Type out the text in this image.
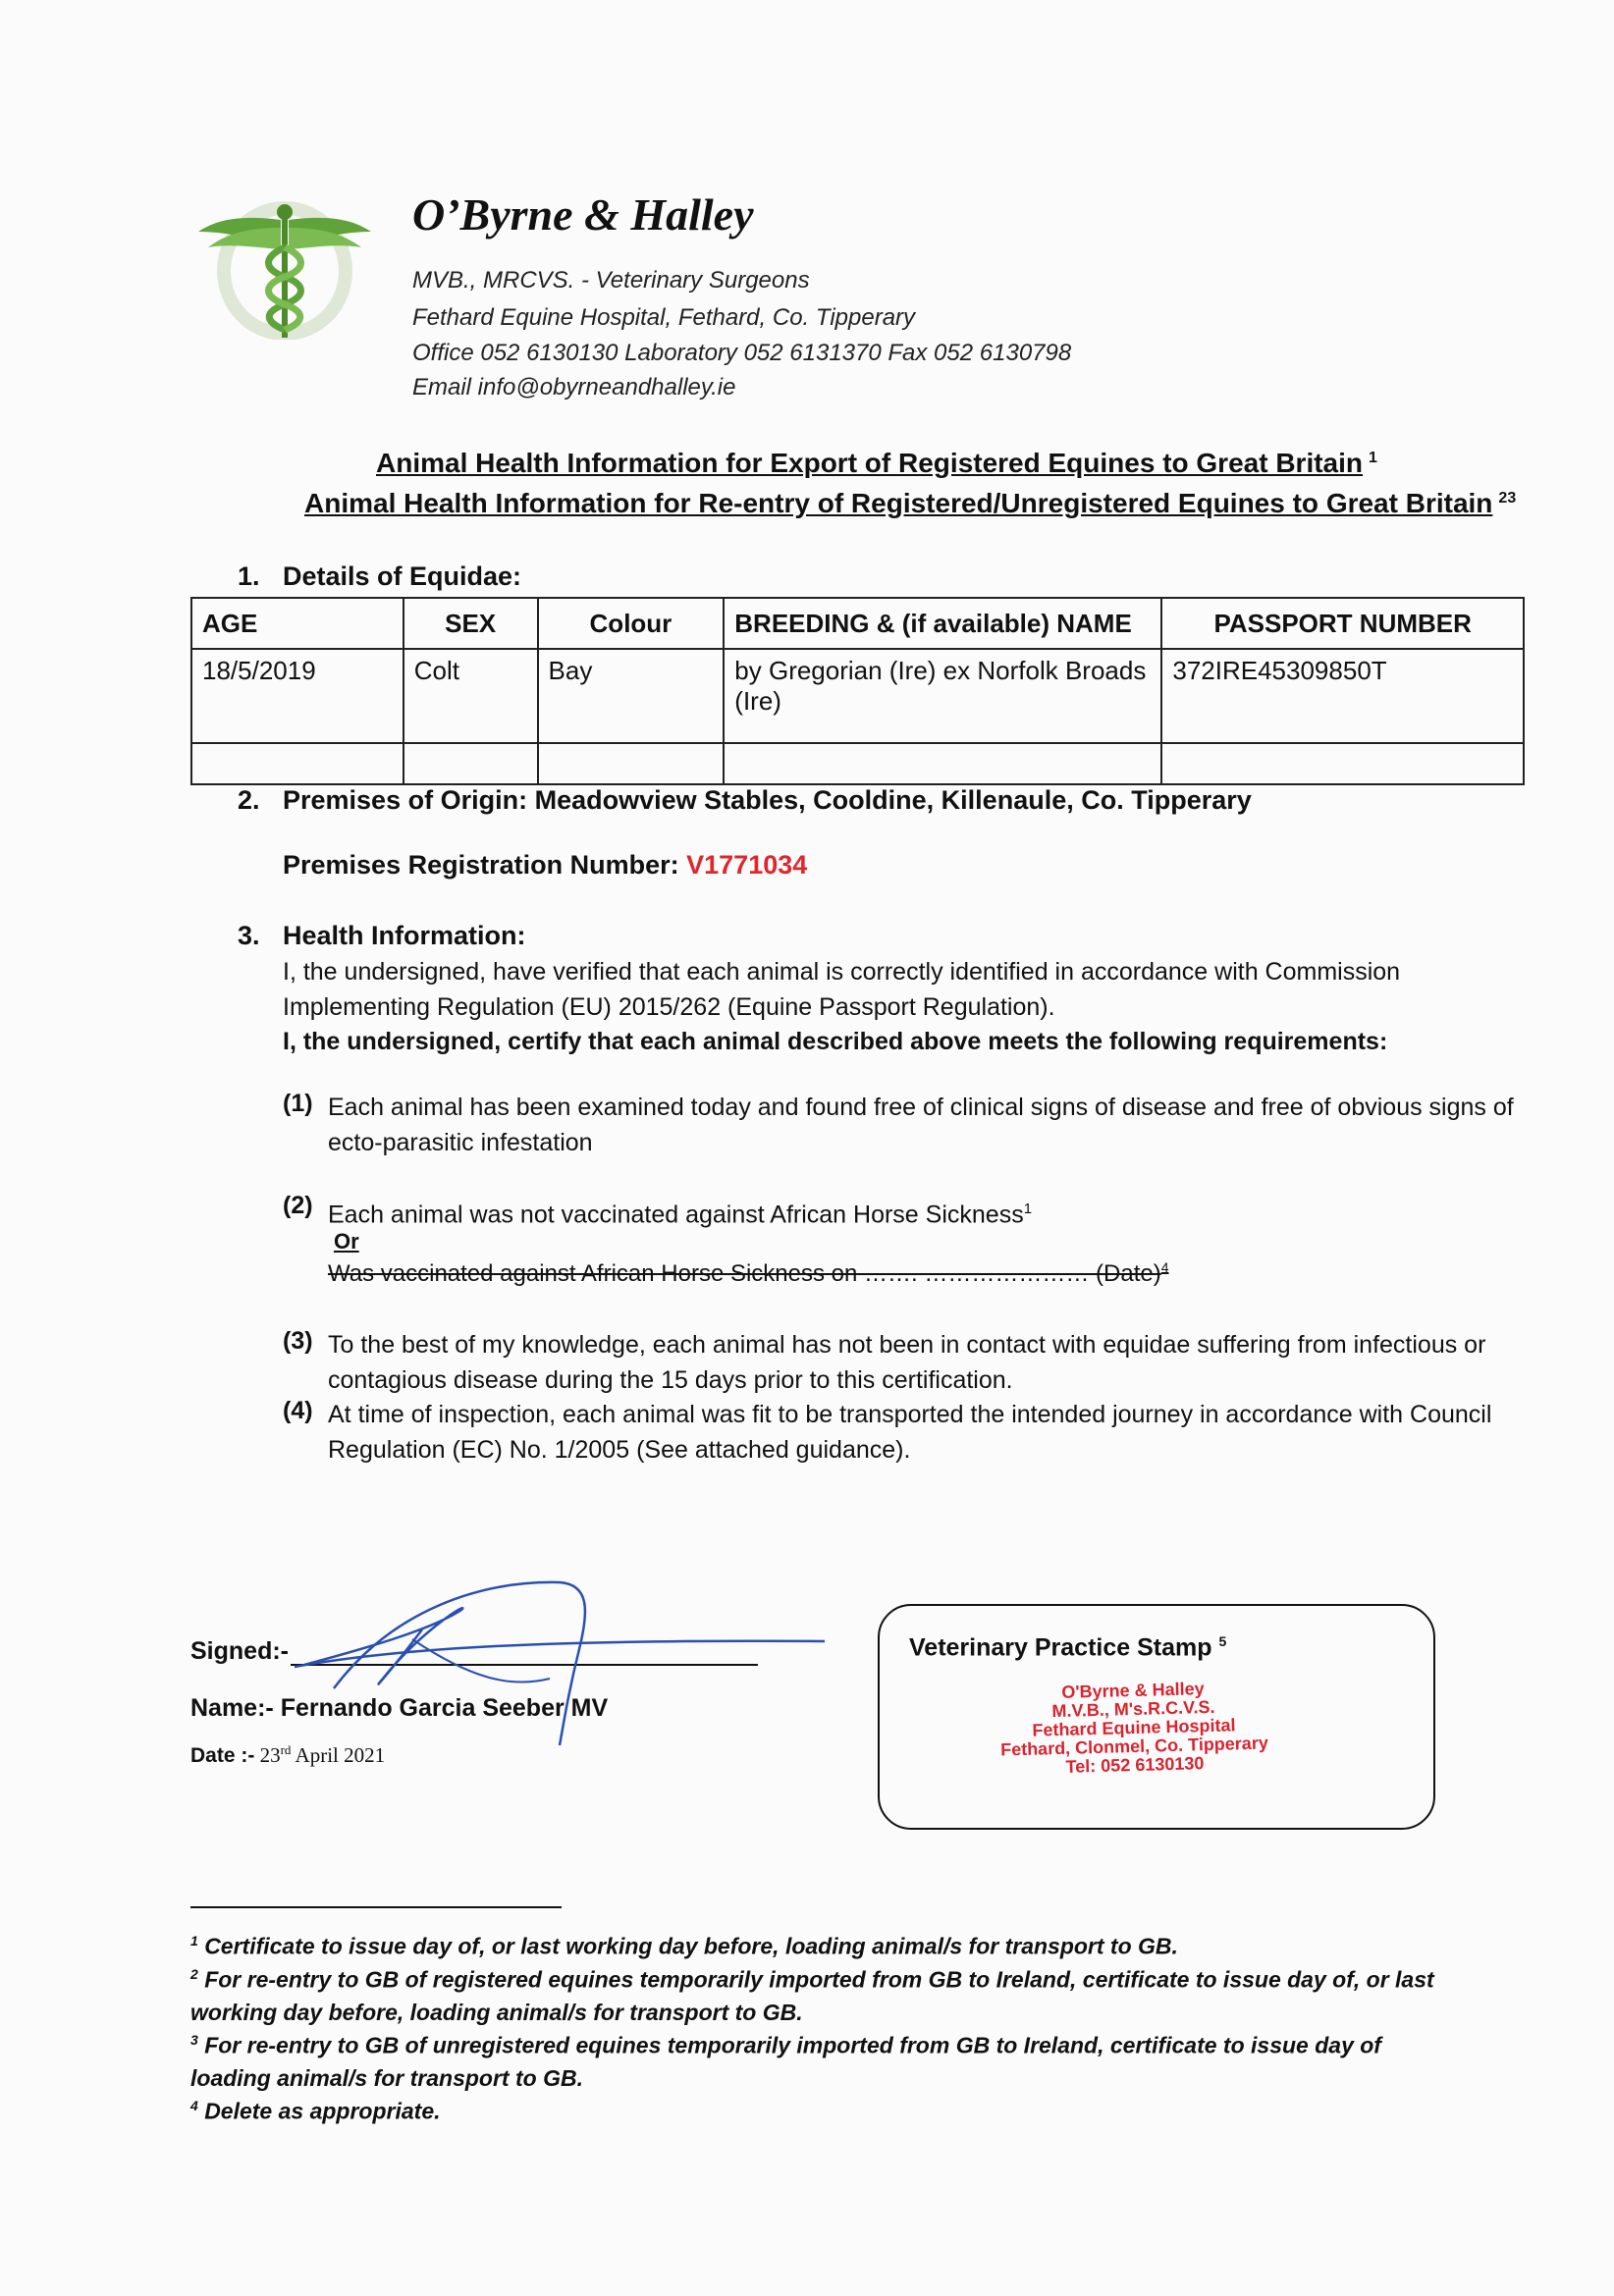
O’Byrne & Halley
MVB., MRCVS. - Veterinary Surgeons
Fethard Equine Hospital, Fethard, Co. Tipperary
Office 052 6130130 Laboratory 052 6131370 Fax 052 6130798
Email info@obyrneandhalley.ie
Animal Health Information for Export of Registered Equines to Great Britain $^1$
Animal Health Information for Re-entry of Registered/Unregistered Equines to Great Britain $^{23}$
1. Details of Equidae:
AGE	SEX	Colour	BREEDING & (if available) NAME	PASSPORT NUMBER
18/5/2019	Colt	Bay	by Gregorian (Ire) ex Norfolk Broads (Ire)	372IRE45309850T

2. Premises of Origin: Meadowview Stables, Cooldine, Killenaule, Co. Tipperary
Premises Registration Number: V1771034
3. Health Information:
I, the undersigned, have verified that each animal is correctly identified in accordance with Commission Implementing Regulation (EU) 2015/262 (Equine Passport Regulation).
I, the undersigned, certify that each animal described above meets the following requirements:
(1) Each animal has been examined today and found free of clinical signs of disease and free of obvious signs of ecto-parasitic infestation
(2) Each animal was not vaccinated against African Horse Sickness$^1$
Or
Was vaccinated against African Horse Sickness on ……. ………………… (Date)$^4$
(3) To the best of my knowledge, each animal has not been in contact with equidae suffering from infectious or contagious disease during the 15 days prior to this certification.
(4) At time of inspection, each animal was fit to be transported the intended journey in accordance with Council Regulation (EC) No. 1/2005 (See attached guidance).
Signed:-
Name:- Fernando Garcia Seeber MV
Date :- 23rd April 2021
Veterinary Practice Stamp $^5$
O'Byrne & Halley
M.V.B., M's.R.C.V.S.
Fethard Equine Hospital
Fethard, Clonmel, Co. Tipperary
Tel: 052 6130130
$^1$ Certificate to issue day of, or last working day before, loading animal/s for transport to GB.
$^2$ For re-entry to GB of registered equines temporarily imported from GB to Ireland, certificate to issue day of, or last working day before, loading animal/s for transport to GB.
$^3$ For re-entry to GB of unregistered equines temporarily imported from GB to Ireland, certificate to issue day of loading animal/s for transport to GB.
$^4$ Delete as appropriate.
